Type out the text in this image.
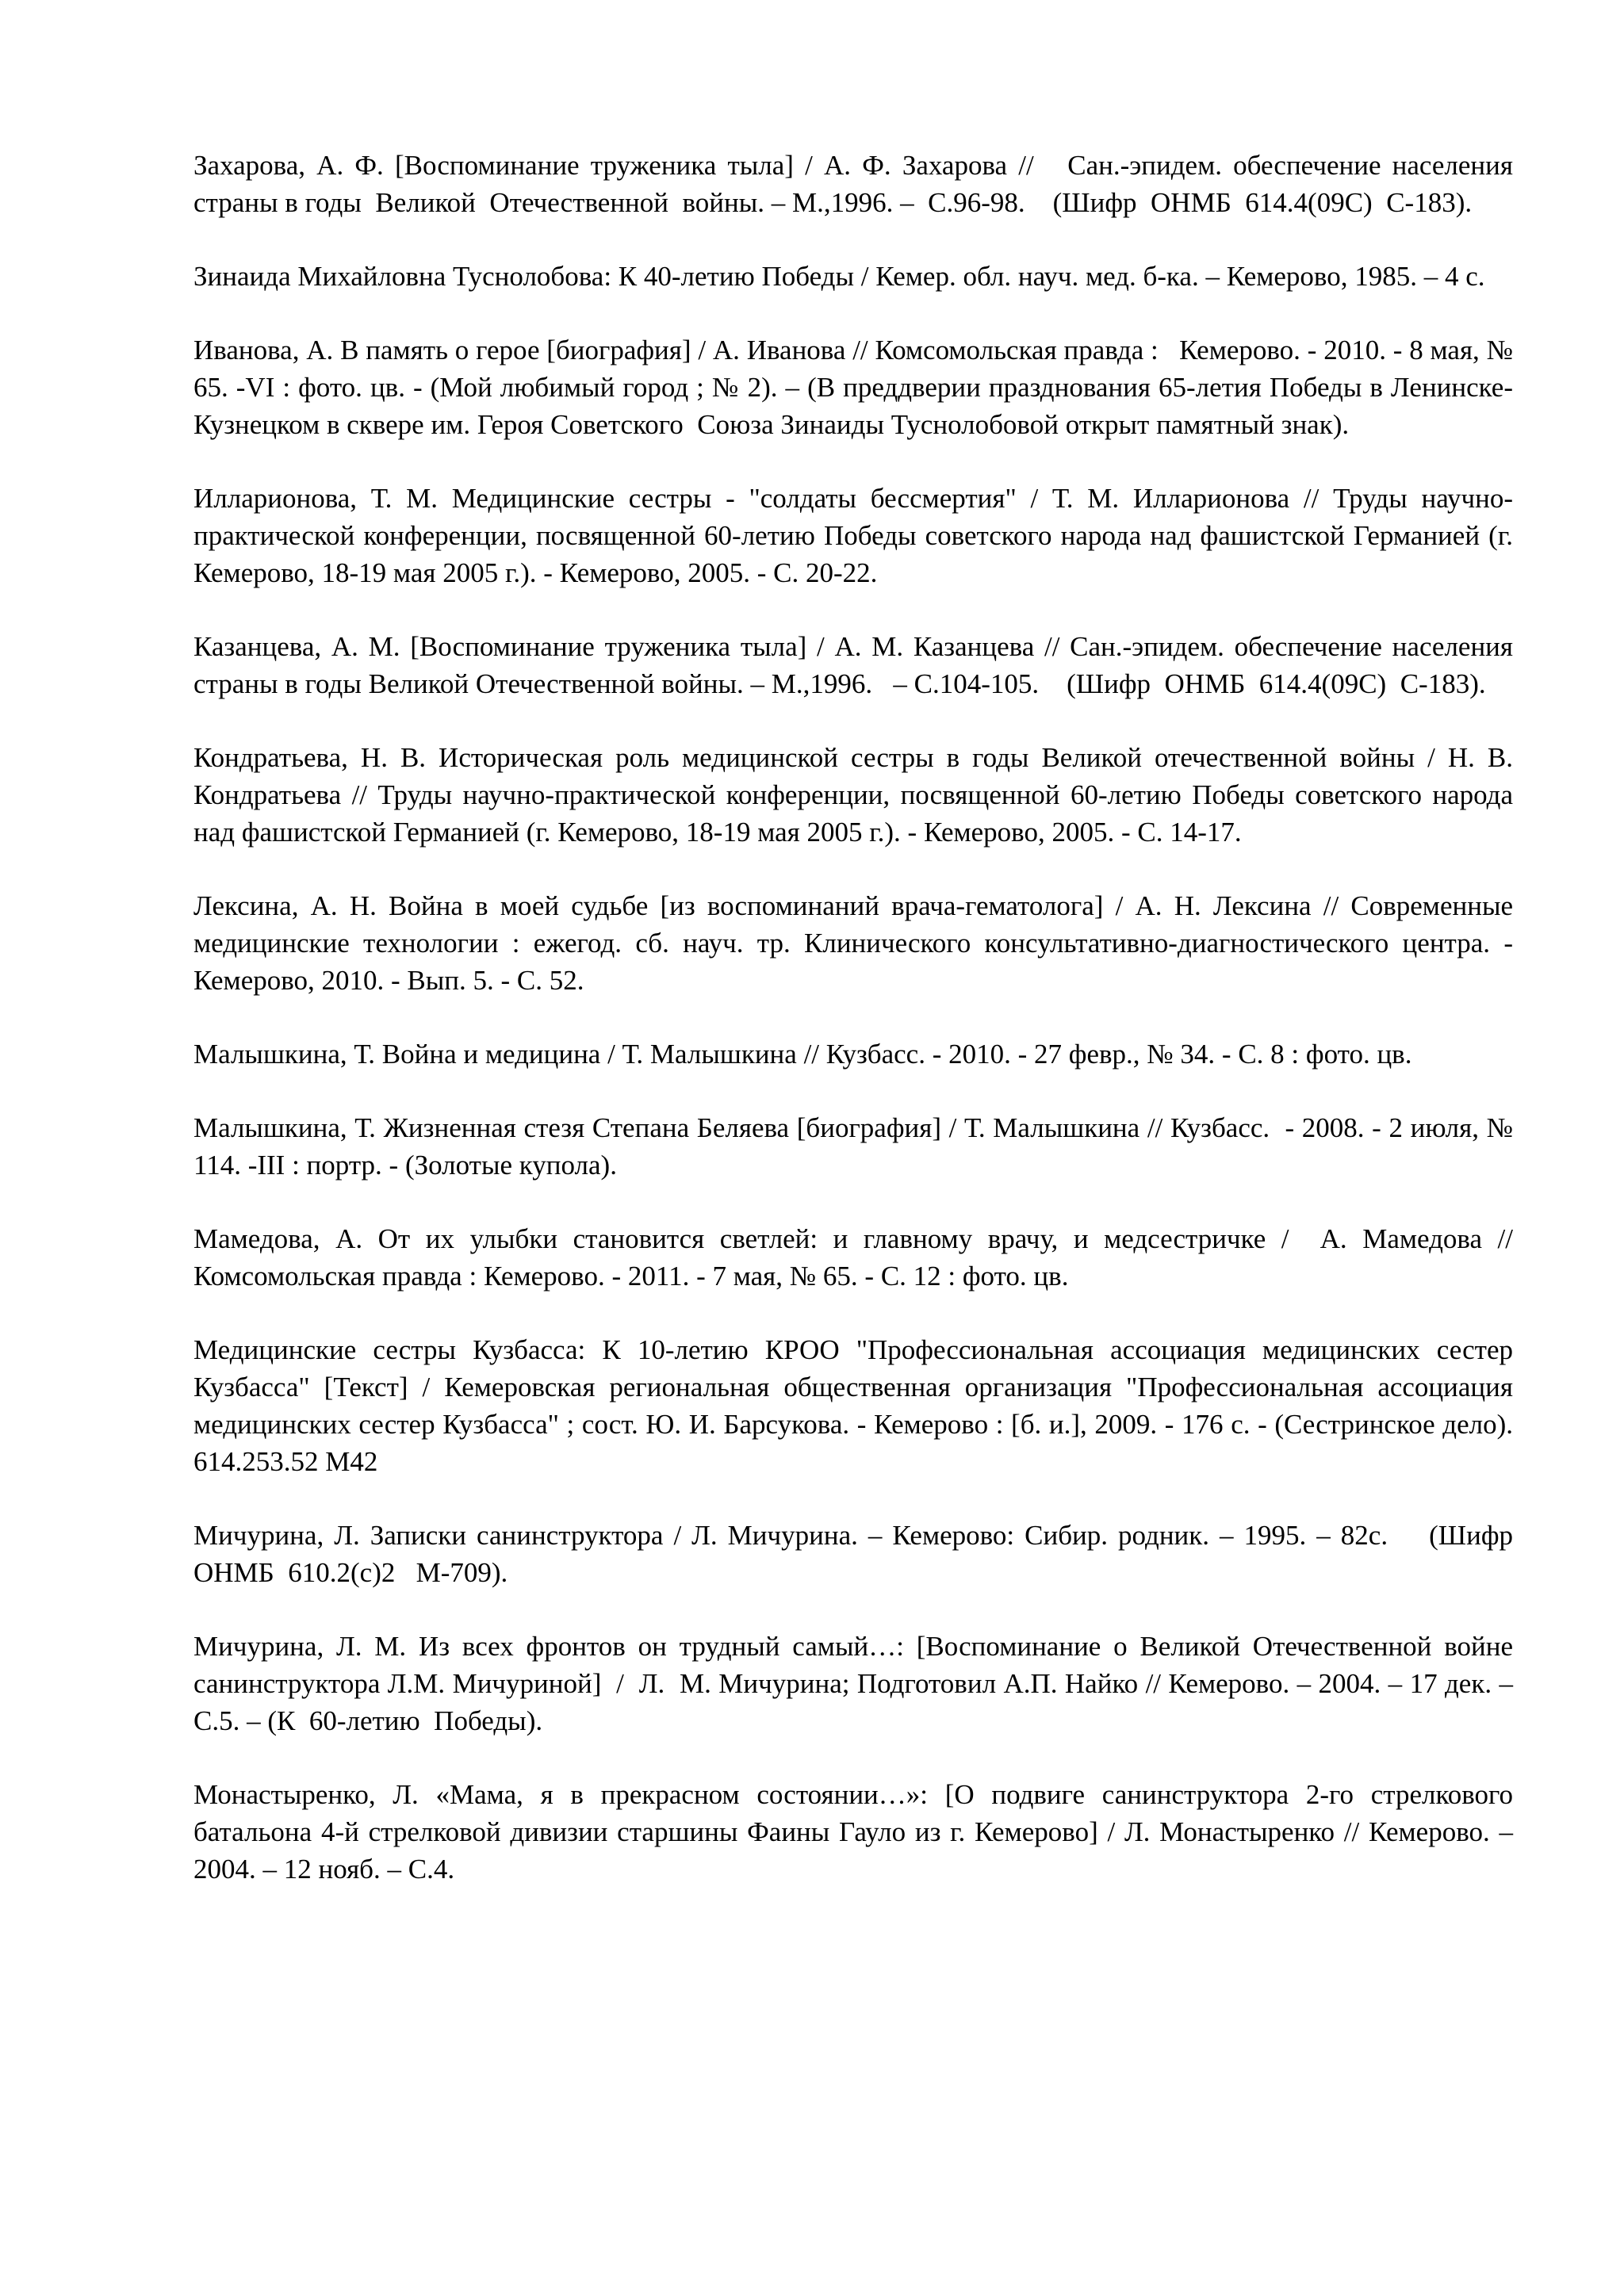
Захарова, А. Ф. [Воспоминание труженика тыла] / А. Ф. Захарова //   Сан.-эпидем. обеспечение населения страны в годы  Великой  Отечественной  войны. – М.,1996. –  С.96-98.    (Шифр  ОНМБ  614.4(09С)  С-183).

Зинаида Михайловна Туснолобова: К 40-летию Победы / Кемер. обл. науч. мед. б-ка. – Кемерово, 1985. – 4 с.

Иванова, А. В память о герое [биография] / А. Иванова // Комсомольская правда :   Кемерово. - 2010. - 8 мая, № 65. -VI : фото. цв. - (Мой любимый город ; № 2). – (В преддверии празднования 65-летия Победы в Ленинске-Кузнецком в сквере им. Героя Советского  Союза Зинаиды Туснолобовой открыт памятный знак).

Илларионова, Т. М. Медицинские сестры - "солдаты бессмертия" / Т. М. Илларионова // Труды научно-практической конференции, посвященной 60-летию Победы советского народа над фашистской Германией (г. Кемерово, 18-19 мая 2005 г.). - Кемерово, 2005. - С. 20-22.

Казанцева, А. М. [Воспоминание труженика тыла] / А. М. Казанцева // Сан.-эпидем. обеспечение населения страны в годы Великой Отечественной войны. – М.,1996.   – С.104-105.    (Шифр  ОНМБ  614.4(09С)  С-183).

Кондратьева, Н. В. Историческая роль медицинской сестры в годы Великой отечественной войны / Н. В. Кондратьева // Труды научно-практической конференции, посвященной 60-летию Победы советского народа над фашистской Германией (г. Кемерово, 18-19 мая 2005 г.). - Кемерово, 2005. - С. 14-17.

Лексина, А. Н. Война в моей судьбе [из воспоминаний врача-гематолога] / А. Н. Лексина // Современные медицинские технологии : ежегод. сб. науч. тр. Клинического консультативно-диагностического центра. - Кемерово, 2010. - Вып. 5. - С. 52.

Малышкина, Т. Война и медицина / Т. Малышкина // Кузбасс. - 2010. - 27 февр., № 34. - С. 8 : фото. цв.

Малышкина, Т. Жизненная стезя Степана Беляева [биография] / Т. Малышкина // Кузбасс.  - 2008. - 2 июля, № 114. -III : портр. - (Золотые купола).

Мамедова, А. От их улыбки становится светлей: и главному врачу, и медсестричке /  А. Мамедова // Комсомольская правда : Кемерово. - 2011. - 7 мая, № 65. - С. 12 : фото. цв.

Медицинские сестры Кузбасса: К 10-летию КРОО "Профессиональная ассоциация медицинских сестер Кузбасса" [Текст] / Кемеровская региональная общественная организация "Профессиональная ассоциация медицинских сестер Кузбасса" ; сост. Ю. И. Барсукова. - Кемерово : [б. и.], 2009. - 176 с. - (Сестринское дело). 614.253.52 М42

Мичурина, Л. Записки санинструктора / Л. Мичурина. – Кемерово: Сибир. родник. – 1995. – 82с.    (Шифр  ОНМБ  610.2(с)2   М-709).

Мичурина, Л. М. Из всех фронтов он трудный самый…: [Воспоминание о Великой Отечественной войне санинструктора Л.М. Мичуриной]  /  Л.  М. Мичурина; Подготовил А.П. Найко // Кемерово. – 2004. – 17 дек. – С.5. – (К  60-летию  Победы).

Монастыренко, Л. «Мама, я в прекрасном состоянии…»: [О подвиге санинструктора 2-го стрелкового батальона 4-й стрелковой дивизии старшины Фаины Гауло из г. Кемерово] / Л. Монастыренко // Кемерово. – 2004. – 12 нояб. – С.4.
